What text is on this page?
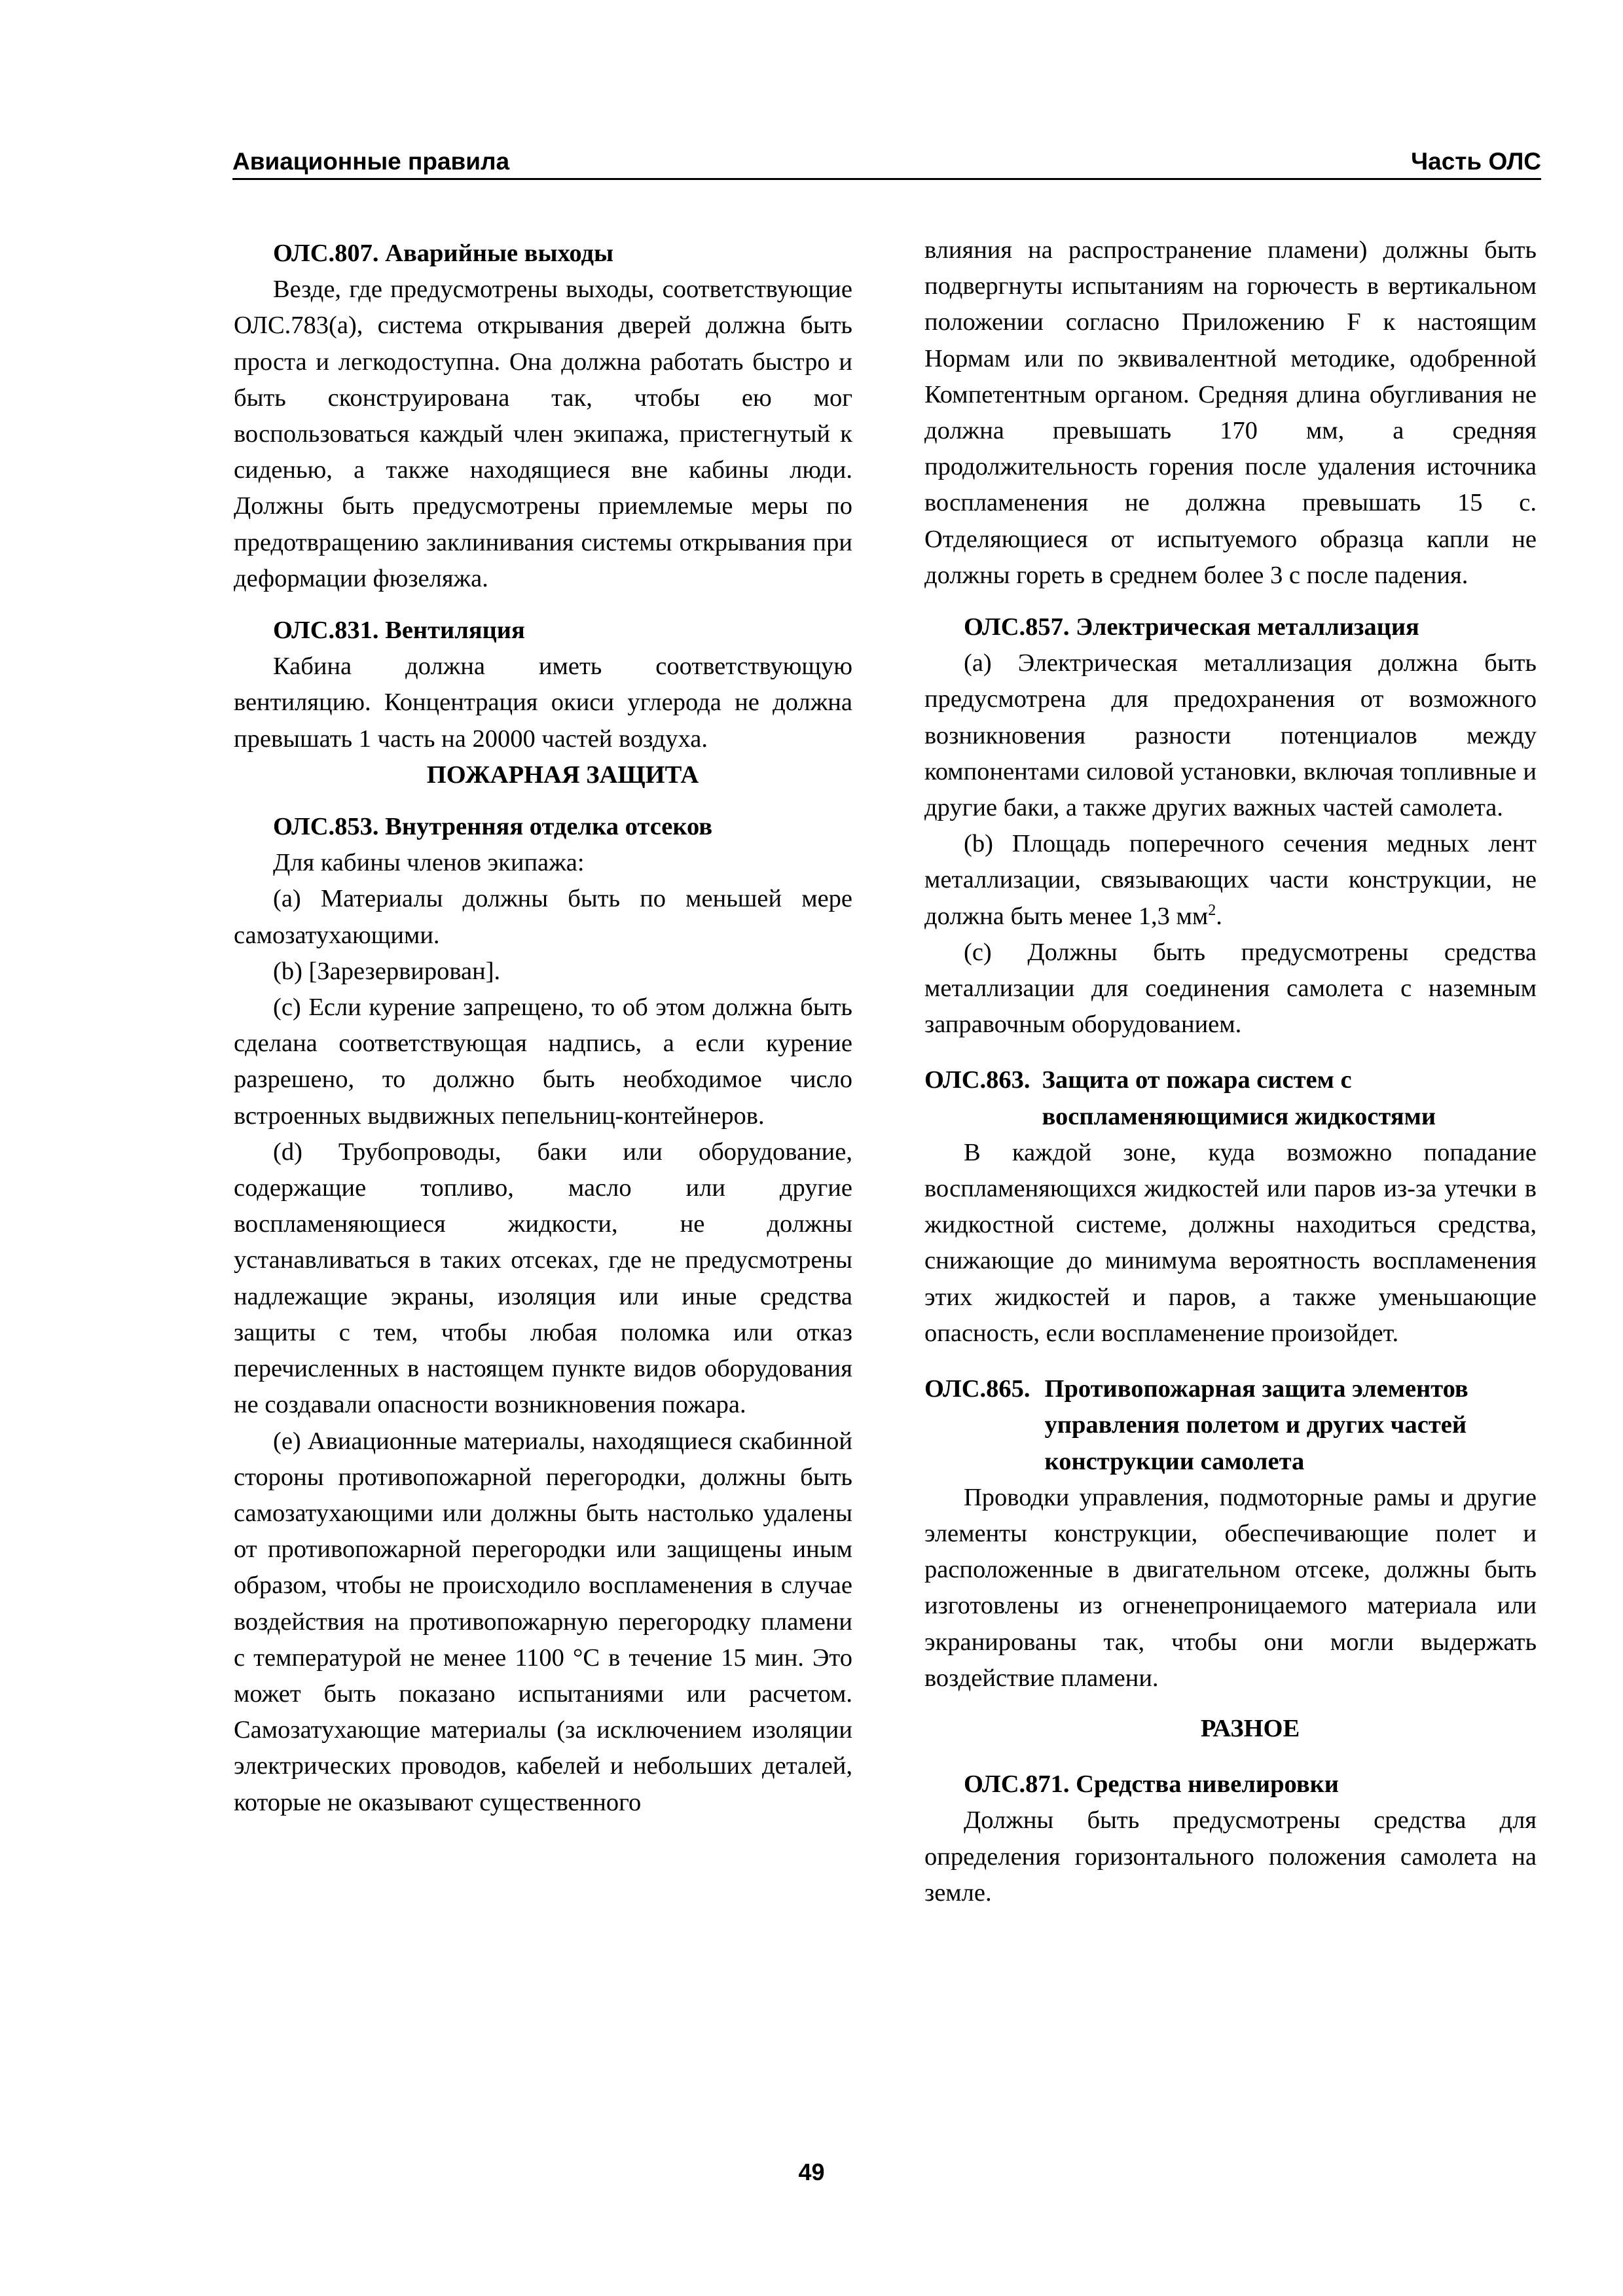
Авиационные правила	Часть ОЛС

ОЛС.807. Аварийные выходы

Везде, где предусмотрены выходы, соответствующие ОЛС.783(а), система открывания дверей должна быть проста и легкодоступна. Она должна работать быстро и быть сконструирована так, чтобы ею мог воспользоваться каждый член экипажа, пристегнутый к сиденью, а также находящиеся вне кабины люди. Должны быть предусмотрены приемлемые меры по предотвращению заклинивания системы открывания при деформации фюзеляжа.

ОЛС.831. Вентиляция

Кабина должна иметь соответствующую вентиляцию. Концентрация окиси углерода не должна превышать 1 часть на 20000 частей воздуха.

ПОЖАРНАЯ ЗАЩИТА

ОЛС.853. Внутренняя отделка отсеков

Для кабины членов экипажа:

(a) Материалы должны быть по меньшей мере самозатухающими.

(b) [Зарезервирован].

(c) Если курение запрещено, то об этом должна быть сделана соответствующая надпись, а если курение разрешено, то должно быть необходимое число встроенных выдвижных пепельниц-контейнеров.

(d) Трубопроводы, баки или оборудование, содержащие топливо, масло или другие воспламеняющиеся жидкости, не должны устанавливаться в таких отсеках, где не предусмотрены надлежащие экраны, изоляция или иные средства защиты с тем, чтобы любая поломка или отказ перечисленных в настоящем пункте видов оборудования не создавали опасности возникновения пожара.

(e) Авиационные материалы, находящиеся скабинной стороны противопожарной перегородки, должны быть самозатухающими или должны быть настолько удалены от противопожарной перегородки или защищены иным образом, чтобы не происходило воспламенения в случае воздействия на противопожарную перегородку пламени с температурой не менее 1100 °С в течение 15 мин. Это может быть показано испытаниями или расчетом. Самозатухающие материалы (за исключением изоляции электрических проводов, кабелей и небольших деталей, которые не оказывают существенного

влияния на распространение пламени) должны быть подвергнуты испытаниям на горючесть в вертикальном положении согласно Приложению F к настоящим Нормам или по эквивалентной методике, одобренной Компетентным органом. Средняя длина обугливания не должна превышать 170 мм, а средняя продолжительность горения после удаления источника воспламенения не должна превышать 15 с. Отделяющиеся от испытуемого образца капли не должны гореть в среднем более 3 с после падения.

ОЛС.857. Электрическая металлизация

(a) Электрическая металлизация должна быть предусмотрена для предохранения от возможного возникновения разности потенциалов между компонентами силовой установки, включая топливные и другие баки, а также других важных частей самолета.

(b) Площадь поперечного сечения медных лент металлизации, связывающих части конструкции, не должна быть менее 1,3 $мм^2$.

(c) Должны быть предусмотрены средства металлизации для соединения самолета с наземным заправочным оборудованием.

ОЛС.863. Защита от пожара систем с воспламеняющимися жидкостями

В каждой зоне, куда возможно попадание воспламеняющихся жидкостей или паров из-за утечки в жидкостной системе, должны находиться средства, снижающие до минимума вероятность воспламенения этих жидкостей и паров, а также уменьшающие опасность, если воспламенение произойдет.

ОЛС.865. Противопожарная защита элементов управления полетом и других частей конструкции самолета

Проводки управления, подмоторные рамы и другие элементы конструкции, обеспечивающие полет и расположенные в двигательном отсеке, должны быть изготовлены из огненепроницаемого материала или экранированы так, чтобы они могли выдержать воздействие пламени.

РАЗНОЕ

ОЛС.871. Средства нивелировки

Должны быть предусмотрены средства для определения горизонтального положения самолета на земле.

49
